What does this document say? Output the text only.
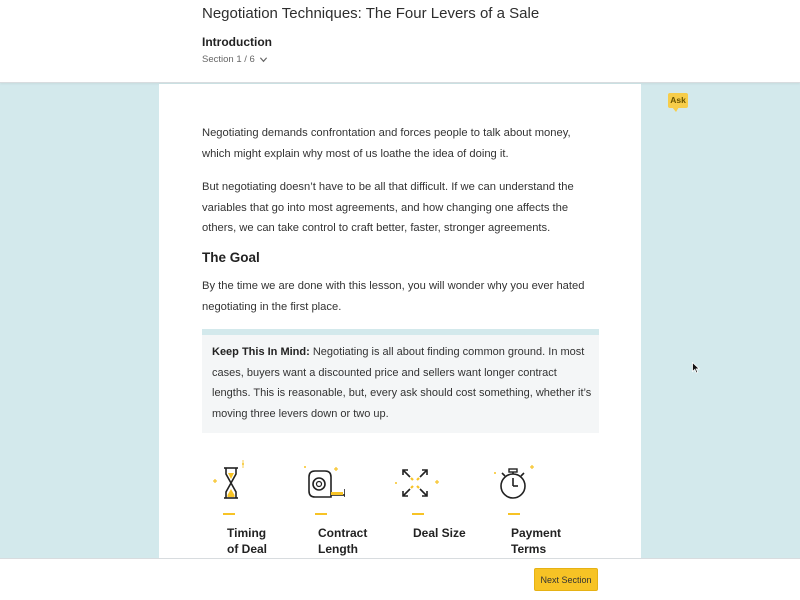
Negotiation Techniques: The Four Levers of a Sale
Introduction
Section 1 / 6
Negotiating demands confrontation and forces people to talk about money, which might explain why most of us loathe the idea of doing it.
But negotiating doesn’t have to be all that difficult. If we can understand the variables that go into most agreements, and how changing one affects the others, we can take control to craft better, faster, stronger agreements.
The Goal
By the time we are done with this lesson, you will wonder why you ever hated negotiating in the first place.
Keep This In Mind: Negotiating is all about finding common ground. In most cases, buyers want a discounted price and sellers want longer contract lengths. This is reasonable, but, every ask should cost something, whether it’s moving three levers down or two up.
Timing
of Deal
Contract
Length
Deal Size	Payment
Terms
Ask
Next Section
